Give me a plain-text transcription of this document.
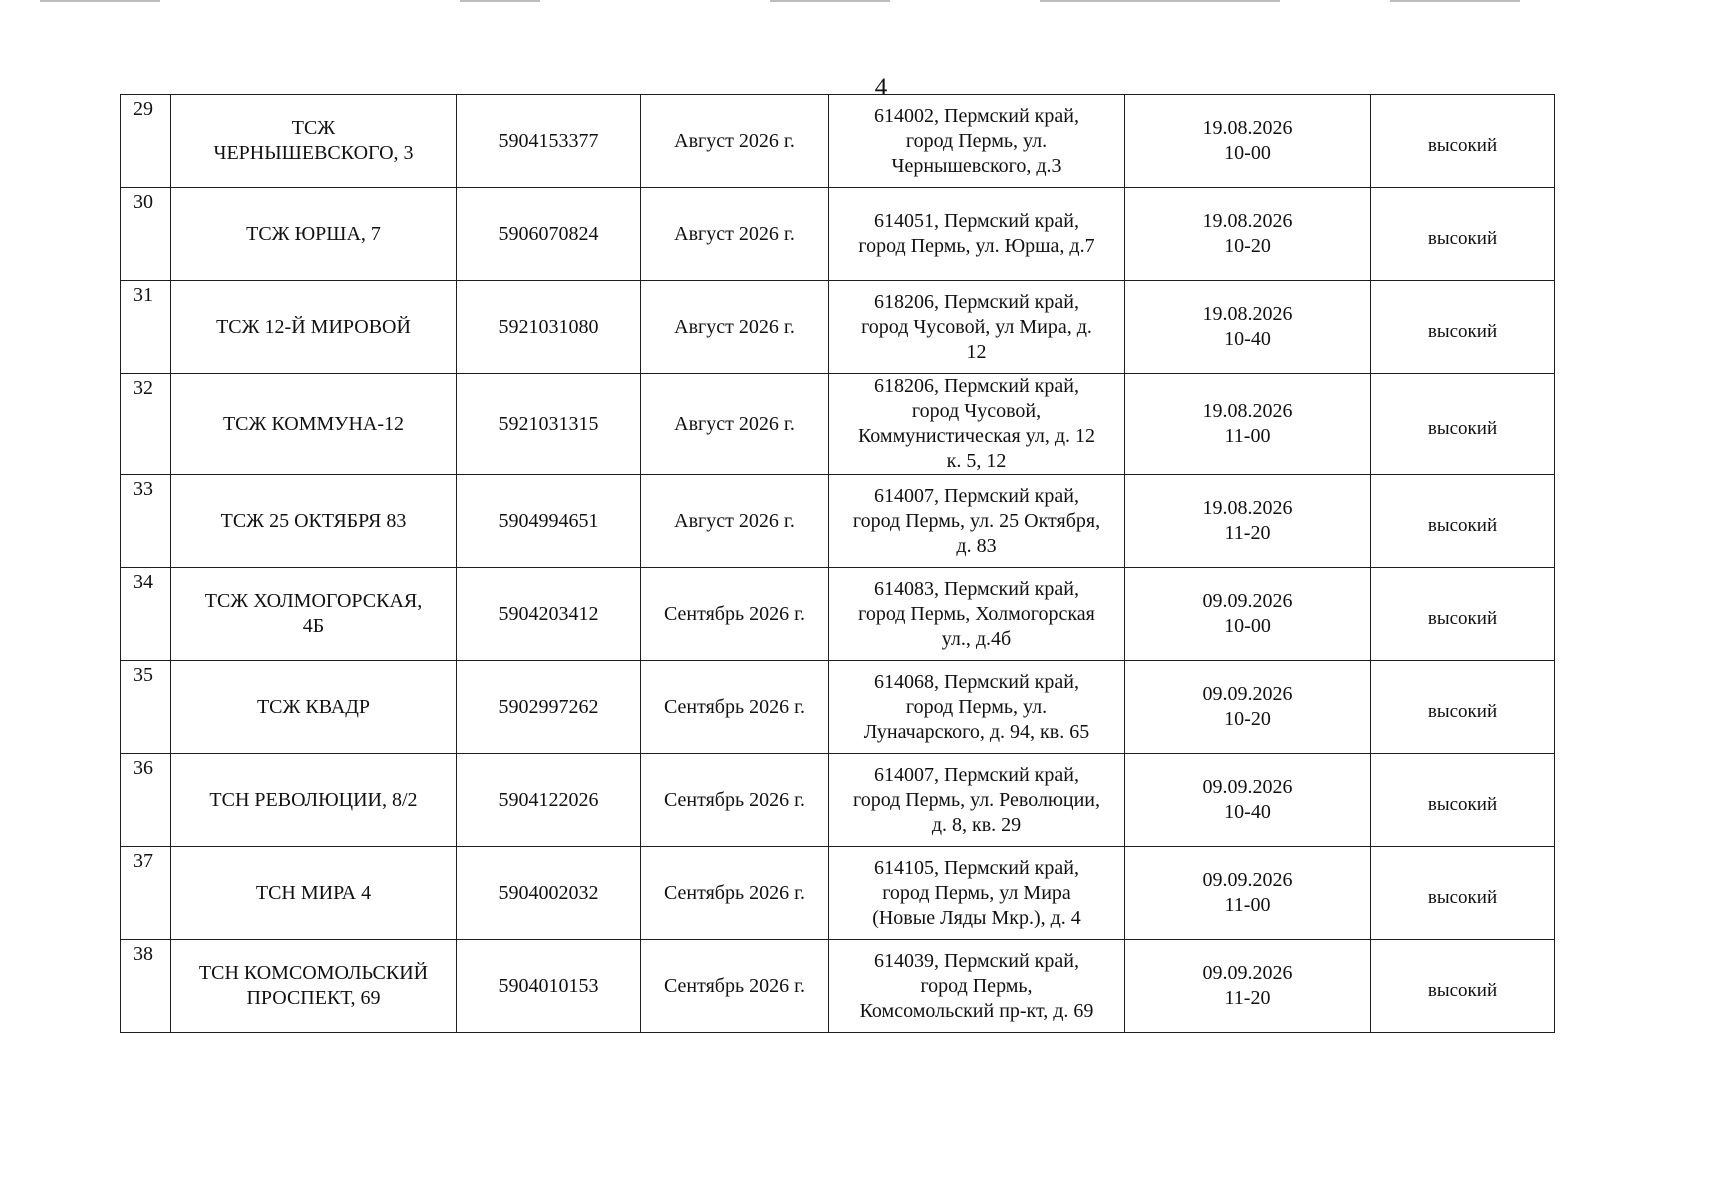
4
29	ТСЖ
ЧЕРНЫШЕВСКОГО, 3	5904153377	Август 2026 г.	614002, Пермский край,
город Пермь, ул.
Чернышевского, д.3	19.08.2026
10-00	высокий

30	ТСЖ ЮРША, 7	5906070824	Август 2026 г.	614051, Пермский край,
город Пермь, ул. Юрша, д.7	19.08.2026
10-20	высокий

31	ТСЖ 12-Й МИРОВОЙ	5921031080	Август 2026 г.	618206, Пермский край,
город Чусовой, ул Мира, д.
12	19.08.2026
10-40	высокий

32	ТСЖ КОММУНА-12	5921031315	Август 2026 г.	618206, Пермский край,
город Чусовой,
Коммунистическая ул, д. 12
к. 5, 12	19.08.2026
11-00	высокий

33	ТСЖ 25 ОКТЯБРЯ 83	5904994651	Август 2026 г.	614007, Пермский край,
город Пермь, ул. 25 Октября,
д. 83	19.08.2026
11-20	высокий

34	ТСЖ ХОЛМОГОРСКАЯ,
4Б	5904203412	Сентябрь 2026 г.	614083, Пермский край,
город Пермь, Холмогорская
ул., д.4б	09.09.2026
10-00	высокий

35	ТСЖ КВАДР	5902997262	Сентябрь 2026 г.	614068, Пермский край,
город Пермь, ул.
Луначарского, д. 94, кв. 65	09.09.2026
10-20	высокий

36	ТСН РЕВОЛЮЦИИ, 8/2	5904122026	Сентябрь 2026 г.	614007, Пермский край,
город Пермь, ул. Революции,
д. 8, кв. 29	09.09.2026
10-40	высокий

37	ТСН МИРА 4	5904002032	Сентябрь 2026 г.	614105, Пермский край,
город Пермь, ул Мира
(Новые Ляды Мкр.), д. 4	09.09.2026
11-00	высокий

38	ТСН КОМСОМОЛЬСКИЙ
ПРОСПЕКТ, 69	5904010153	Сентябрь 2026 г.	614039, Пермский край,
город Пермь,
Комсомольский пр-кт, д. 69	09.09.2026
11-20	высокий
